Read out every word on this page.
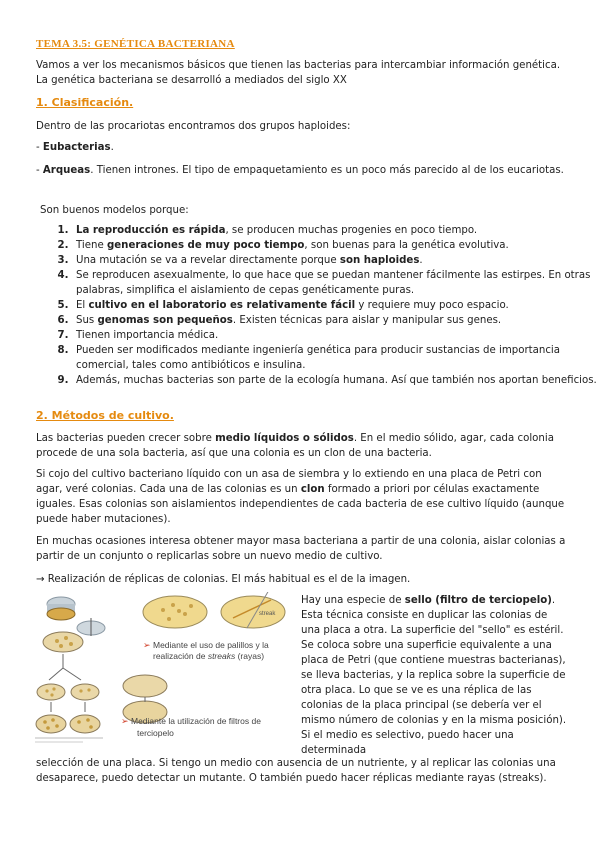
TEMA 3.5: GENÉTICA BACTERIANA
Vamos a ver los mecanismos básicos que tienen las bacterias para intercambiar información genética. La genética bacteriana se desarrolló a mediados del siglo XX
1. Clasificación.
Dentro de las procariotas encontramos dos grupos haploides:
- Eubacterias.
- Arqueas. Tienen intrones. El tipo de empaquetamiento es un poco más parecido al de los eucariotas.
Son buenos modelos porque:
1. La reproducción es rápida, se producen muchas progenies en poco tiempo.
2. Tiene generaciones de muy poco tiempo, son buenas para la genética evolutiva.
3. Una mutación se va a revelar directamente porque son haploides.
4. Se reproducen asexualmente, lo que hace que se puedan mantener fácilmente las estirpes. En otras palabras, simplifica el aislamiento de cepas genéticamente puras.
5. El cultivo en el laboratorio es relativamente fácil y requiere muy poco espacio.
6. Sus genomas son pequeños. Existen técnicas para aislar y manipular sus genes.
7. Tienen importancia médica.
8. Pueden ser modificados mediante ingeniería genética para producir sustancias de importancia comercial, tales como antibióticos e insulina.
9. Además, muchas bacterias son parte de la ecología humana. Así que también nos aportan beneficios.
2. Métodos de cultivo.
Las bacterias pueden crecer sobre medio líquidos o sólidos. En el medio sólido, agar, cada colonia procede de una sola bacteria, así que una colonia es un clon de una bacteria.
Si cojo del cultivo bacteriano líquido con un asa de siembra y lo extiendo en una placa de Petri con agar, veré colonias. Cada una de las colonias es un clon formado a priori por células exactamente iguales. Esas colonias son aislamientos independientes de cada bacteria de ese cultivo líquido (aunque puede haber mutaciones).
En muchas ocasiones interesa obtener mayor masa bacteriana a partir de una colonia, aislar colonias a partir de un conjunto o replicarlas sobre un nuevo medio de cultivo.
→ Realización de réplicas de colonias. El más habitual es el de la imagen.
streak
➢ Mediante el uso de palillos y la
realización de streaks (rayas)
➢ Mediante la utilización de filtros de
terciopelo
Hay una especie de sello (filtro de terciopelo). Esta técnica consiste en duplicar las colonias de una placa a otra. La superficie del "sello" es estéril. Se coloca sobre una superficie equivalente a una placa de Petri (que contiene muestras bacterianas), se lleva bacterias, y la replica sobre la superficie de otra placa. Lo que se ve es una réplica de las colonias de la placa principal (se debería ver el mismo número de colonias y en la misma posición). Si el medio es selectivo, puedo hacer una determinada
selección de una placa. Si tengo un medio con ausencia de un nutriente, y al replicar las colonias una desaparece, puedo detectar un mutante. O también puedo hacer réplicas mediante rayas (streaks).
